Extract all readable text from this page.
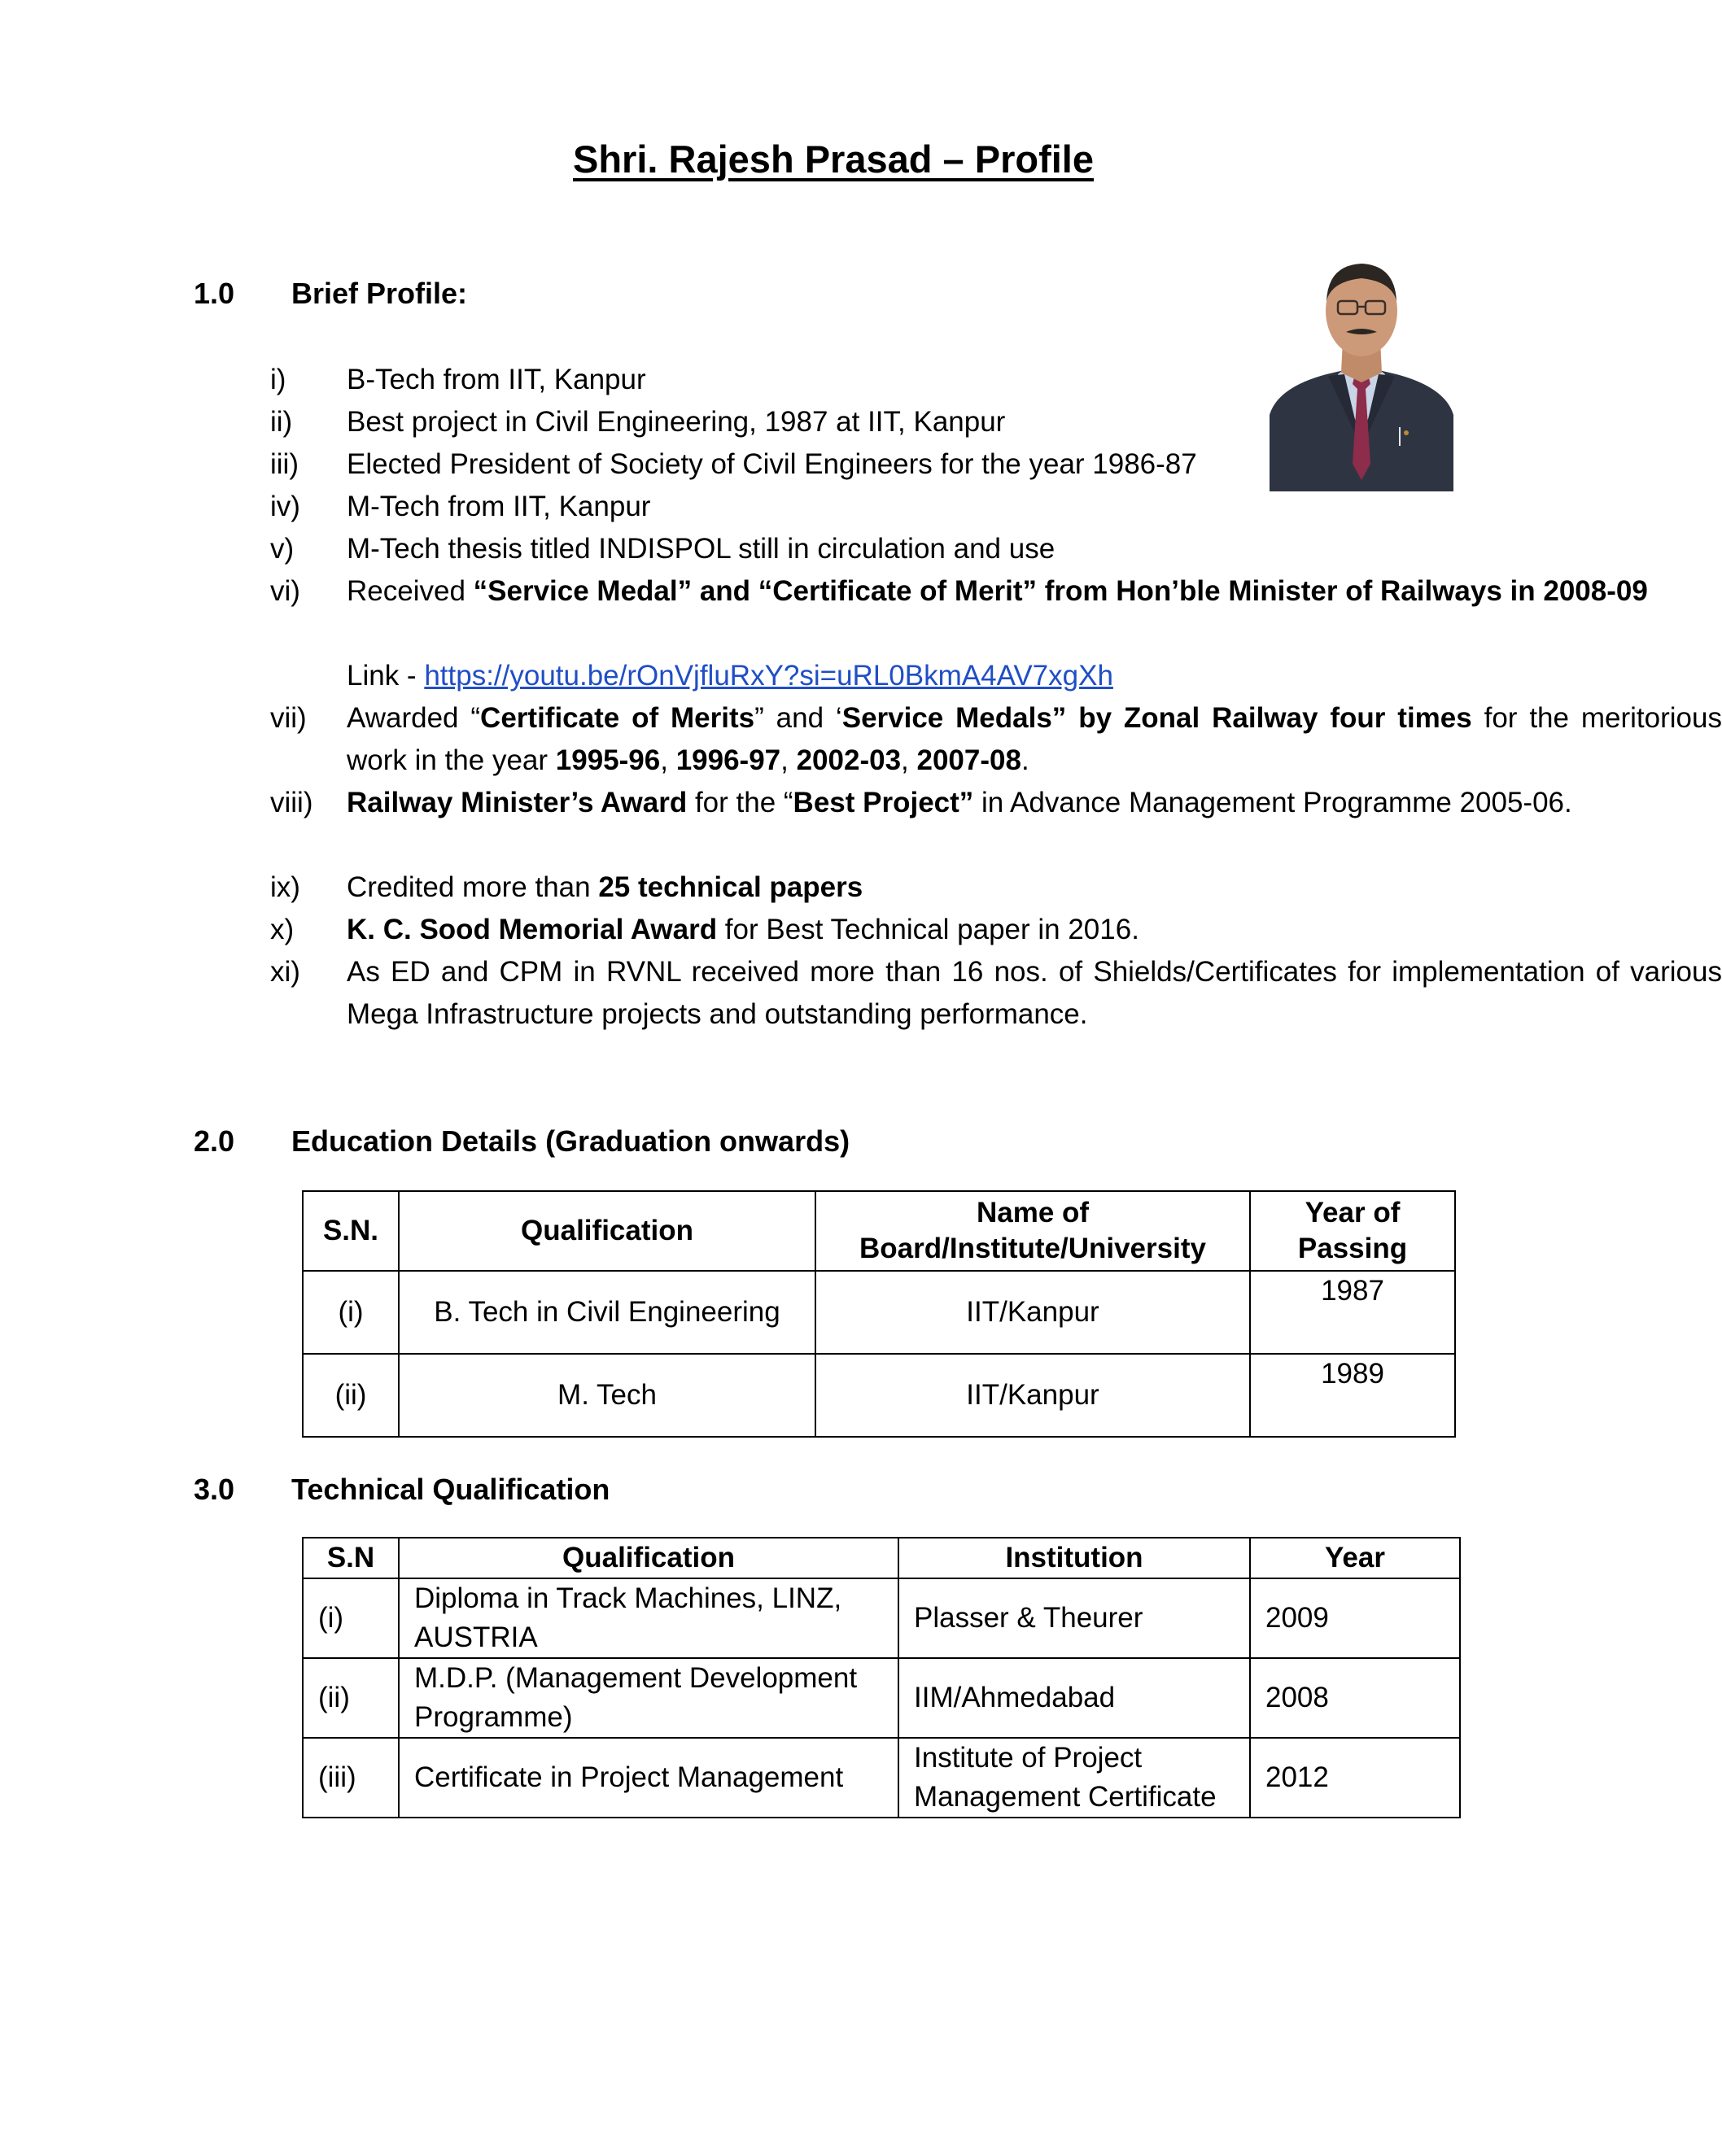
Shri. Rajesh Prasad – Profile
1.0 Brief Profile:
i) B-Tech from IIT, Kanpur
ii) Best project in Civil Engineering, 1987 at IIT, Kanpur
iii) Elected President of Society of Civil Engineers for the year 1986-87
iv) M-Tech from IIT, Kanpur
v) M-Tech thesis titled INDISPOL still in circulation and use
vi) Received “Service Medal” and “Certificate of Merit” from Hon’ble Minister of Railways in 2008-09
Link - https://youtu.be/rOnVjfluRxY?si=uRL0BkmA4AV7xgXh
vii) Awarded “Certificate of Merits” and ‘Service Medals” by Zonal Railway four times for the meritorious work in the year 1995-96, 1996-97, 2002-03, 2007-08.
viii) Railway Minister’s Award for the “Best Project” in Advance Management Programme 2005-06.
ix) Credited more than 25 technical papers
x) K. C. Sood Memorial Award for Best Technical paper in 2016.
xi) As ED and CPM in RVNL received more than 16 nos. of Shields/Certificates for implementation of various Mega Infrastructure projects and outstanding performance.
2.0 Education Details (Graduation onwards)
S.N.	Qualification	Name of Board/Institute/University	Year of Passing
(i)	B. Tech in Civil Engineering	IIT/Kanpur	1987
(ii)	M. Tech	IIT/Kanpur	1989
3.0 Technical Qualification
S.N	Qualification	Institution	Year
(i)	Diploma in Track Machines, LINZ, AUSTRIA	Plasser & Theurer	2009
(ii)	M.D.P. (Management Development Programme)	IIM/Ahmedabad	2008
(iii)	Certificate in Project Management	Institute of Project Management Certificate	2012
